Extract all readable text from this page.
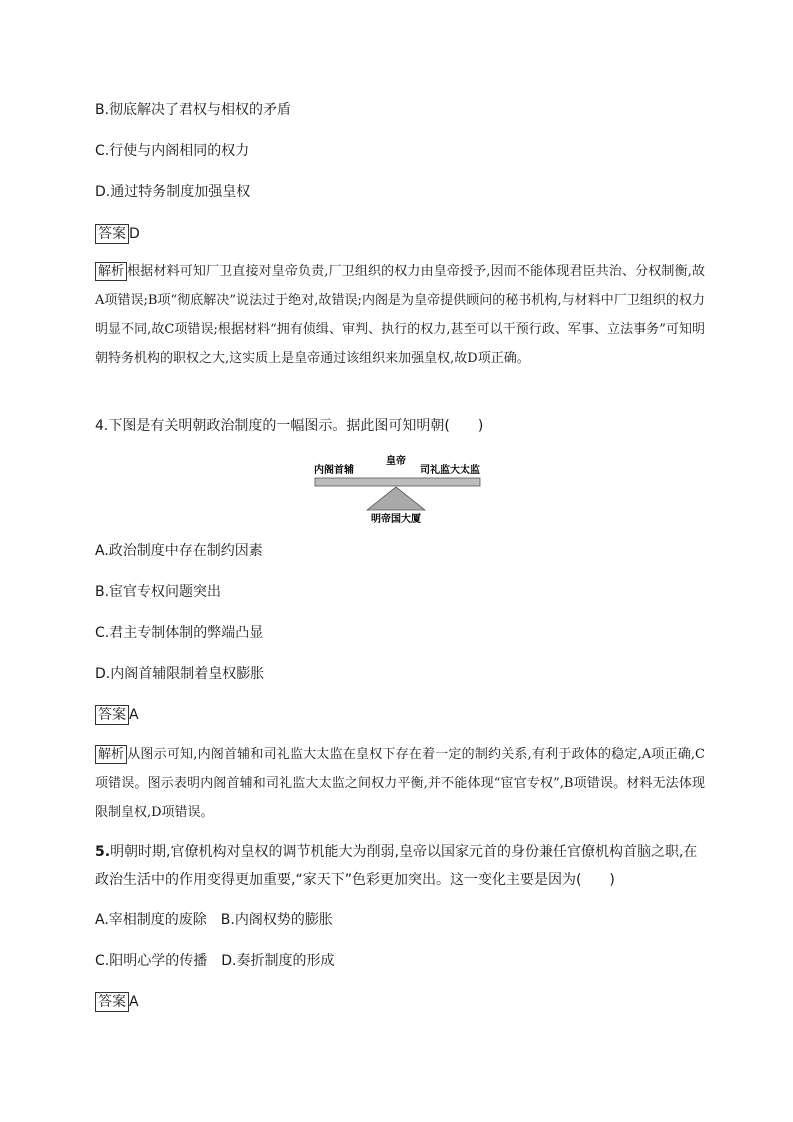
B.彻底解决了君权与相权的矛盾
C.行使与内阁相同的权力
D.通过特务制度加强皇权
答案 D
解析 根据材料可知厂卫直接对皇帝负责,厂卫组织的权力由皇帝授予,因而不能体现君臣共治、分权制衡,故A项错误;B项“彻底解决”说法过于绝对,故错误;内阁是为皇帝提供顾问的秘书机构,与材料中厂卫组织的权力明显不同,故C项错误;根据材料“拥有侦缉、审判、执行的权力,甚至可以干预行政、军事、立法事务”可知明朝特务机构的职权之大,这实质上是皇帝通过该组织来加强皇权,故D项正确。
4.下图是有关明朝政治制度的一幅图示。据此图可知明朝(　　)
皇帝
内阁首辅	司礼监大太监
明帝国大厦
A.政治制度中存在制约因素
B.宦官专权问题突出
C.君主专制体制的弊端凸显
D.内阁首辅限制着皇权膨胀
答案 A
解析 从图示可知,内阁首辅和司礼监大太监在皇权下存在着一定的制约关系,有利于政体的稳定,A项正确,C项错误。图示表明内阁首辅和司礼监大太监之间权力平衡,并不能体现“宦官专权”,B项错误。材料无法体现限制皇权,D项错误。
5.明朝时期,官僚机构对皇权的调节机能大为削弱,皇帝以国家元首的身份兼任官僚机构首脑之职,在政治生活中的作用变得更加重要,“家天下”色彩更加突出。这一变化主要是因为(　　)
A.宰相制度的废除　 B.内阁权势的膨胀
C.阳明心学的传播　 D.奏折制度的形成
答案 A
